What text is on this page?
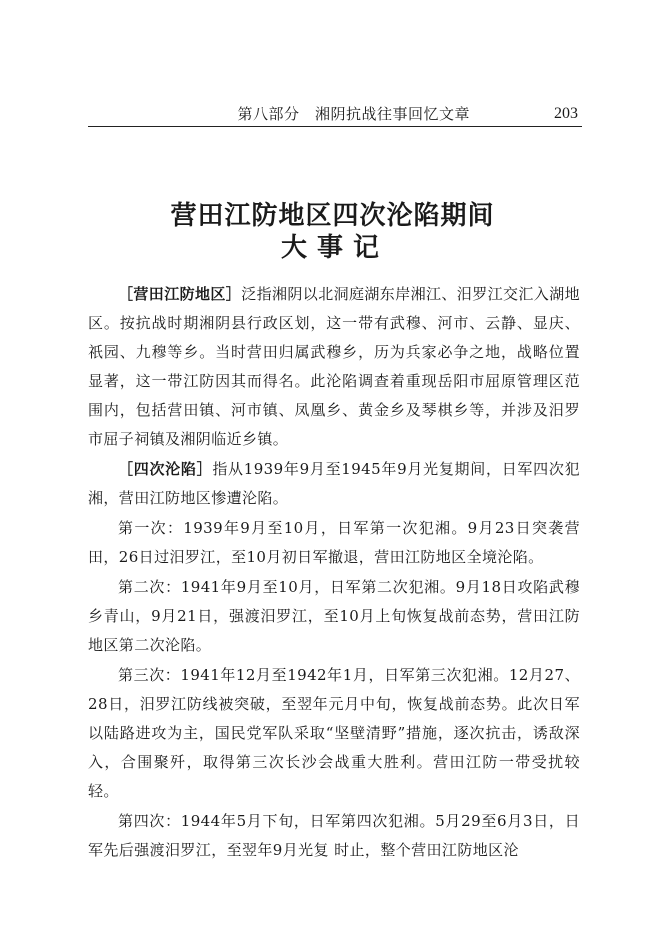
第八部分　湘阴抗战往事回忆文章	203
营田江防地区四次沦陷期间
大事记

［营田江防地区］泛指湘阴以北洞庭湖东岸湘江、汨罗江交汇入湖地区。按抗战时期湘阴县行政区划，这一带有武穆、河市、云静、显庆、祇园、九穆等乡。当时营田归属武穆乡，历为兵家必争之地，战略位置显著，这一带江防因其而得名。此沦陷调查着重现岳阳市屈原管理区范围内，包括营田镇、河市镇、凤凰乡、黄金乡及琴棋乡等，并涉及汨罗市屈子祠镇及湘阴临近乡镇。

［四次沦陷］指从1939年9月至1945年9月光复期间，日军四次犯湘，营田江防地区惨遭沦陷。

第一次：1939年9月至10月，日军第一次犯湘。9月23日突袭营田，26日过汨罗江，至10月初日军撤退，营田江防地区全境沦陷。

第二次：1941年9月至10月，日军第二次犯湘。9月18日攻陷武穆乡青山，9月21日，强渡汨罗江，至10月上旬恢复战前态势，营田江防地区第二次沦陷。

第三次：1941年12月至1942年1月，日军第三次犯湘。12月27、28日，汨罗江防线被突破，至翌年元月中旬，恢复战前态势。此次日军以陆路进攻为主，国民党军队采取“坚壁清野”措施，逐次抗击，诱敌深入，合围聚歼，取得第三次长沙会战重大胜利。营田江防一带受扰较轻。

第四次：1944年5月下旬，日军第四次犯湘。5月29至6月3日，日军先后强渡汨罗江，至翌年9月光复 时止，整个营田江防地区沦
